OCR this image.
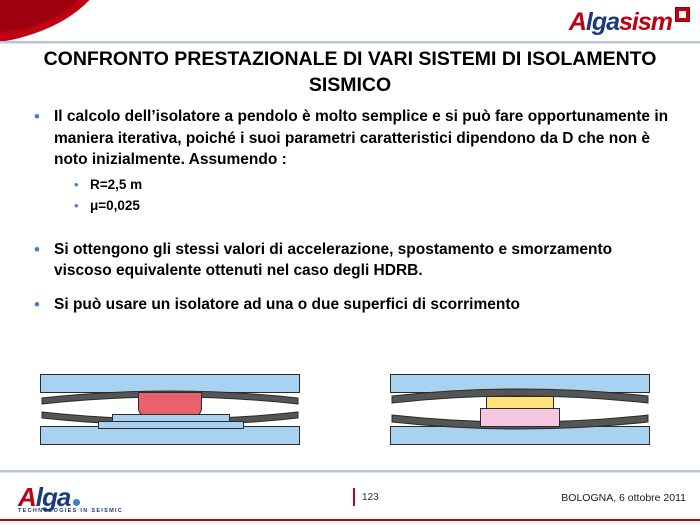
A lga sism
CONFRONTO PRESTAZIONALE DI VARI SISTEMI DI ISOLAMENTO SISMICO
• Il calcolo dell’isolatore a pendolo è molto semplice e si può fare opportunamente in maniera iterativa, poiché i suoi parametri caratteristici dipendono da D che non è noto inizialmente. Assumendo :
• R=2,5 m
• μ=0,025
• Si ottengono gli stessi valori di accelerazione, spostamento e smorzamento viscoso equivalente ottenuti nel caso degli HDRB.
• Si può usare un isolatore ad una o due superfici di scorrimento
A lga
TECHNOLOGIES IN SEISMIC
123	BOLOGNA, 6 ottobre 2011
